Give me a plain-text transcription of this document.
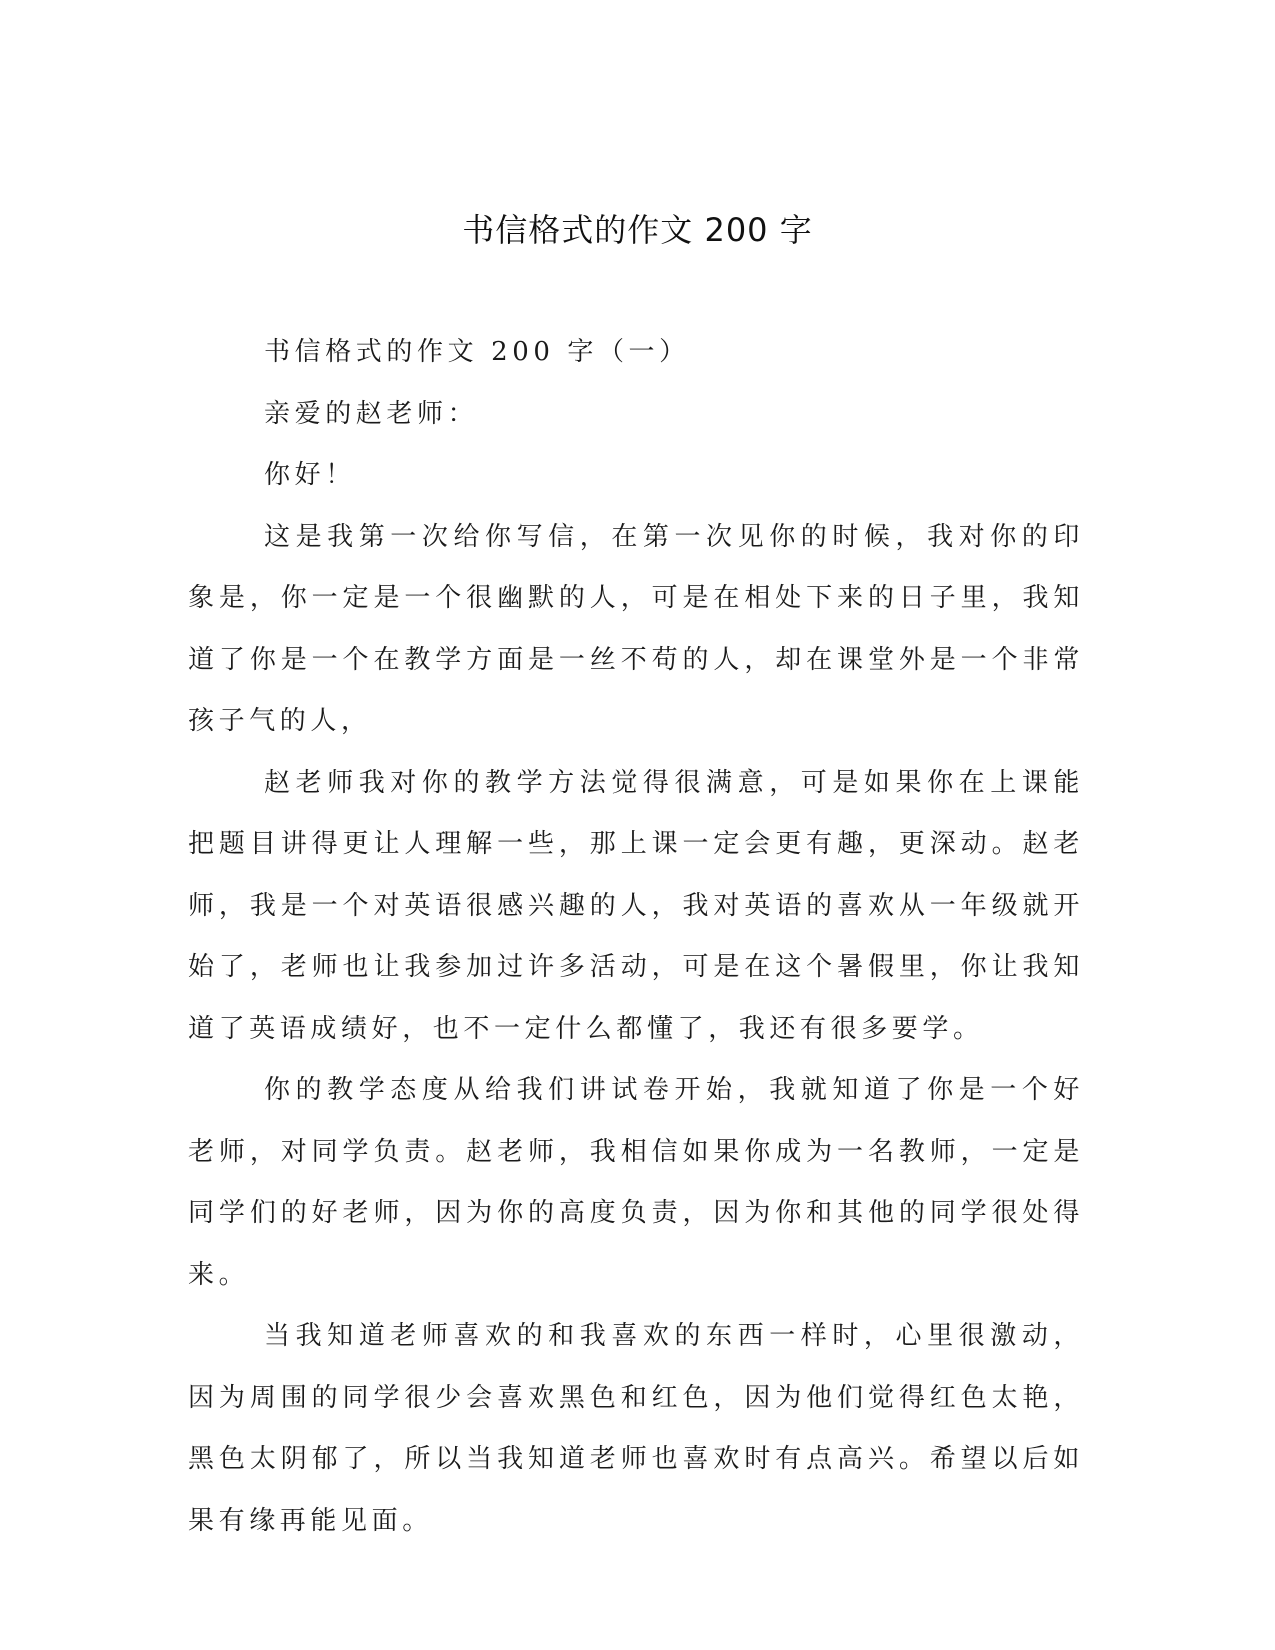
书信格式的作文 200 字

书信格式的作文 200 字（一）

亲爱的赵老师：

你好！

这是我第一次给你写信，在第一次见你的时候，我对你的印象是，你一定是一个很幽默的人，可是在相处下来的日子里，我知道了你是一个在教学方面是一丝不苟的人，却在课堂外是一个非常孩子气的人，

赵老师我对你的教学方法觉得很满意，可是如果你在上课能把题目讲得更让人理解一些，那上课一定会更有趣，更深动。赵老师，我是一个对英语很感兴趣的人，我对英语的喜欢从一年级就开始了，老师也让我参加过许多活动，可是在这个暑假里，你让我知道了英语成绩好，也不一定什么都懂了，我还有很多要学。

你的教学态度从给我们讲试卷开始，我就知道了你是一个好老师，对同学负责。赵老师，我相信如果你成为一名教师，一定是同学们的好老师，因为你的高度负责，因为你和其他的同学很处得来。

当我知道老师喜欢的和我喜欢的东西一样时，心里很激动，因为周围的同学很少会喜欢黑色和红色，因为他们觉得红色太艳，黑色太阴郁了，所以当我知道老师也喜欢时有点高兴。希望以后如果有缘再能见面。
